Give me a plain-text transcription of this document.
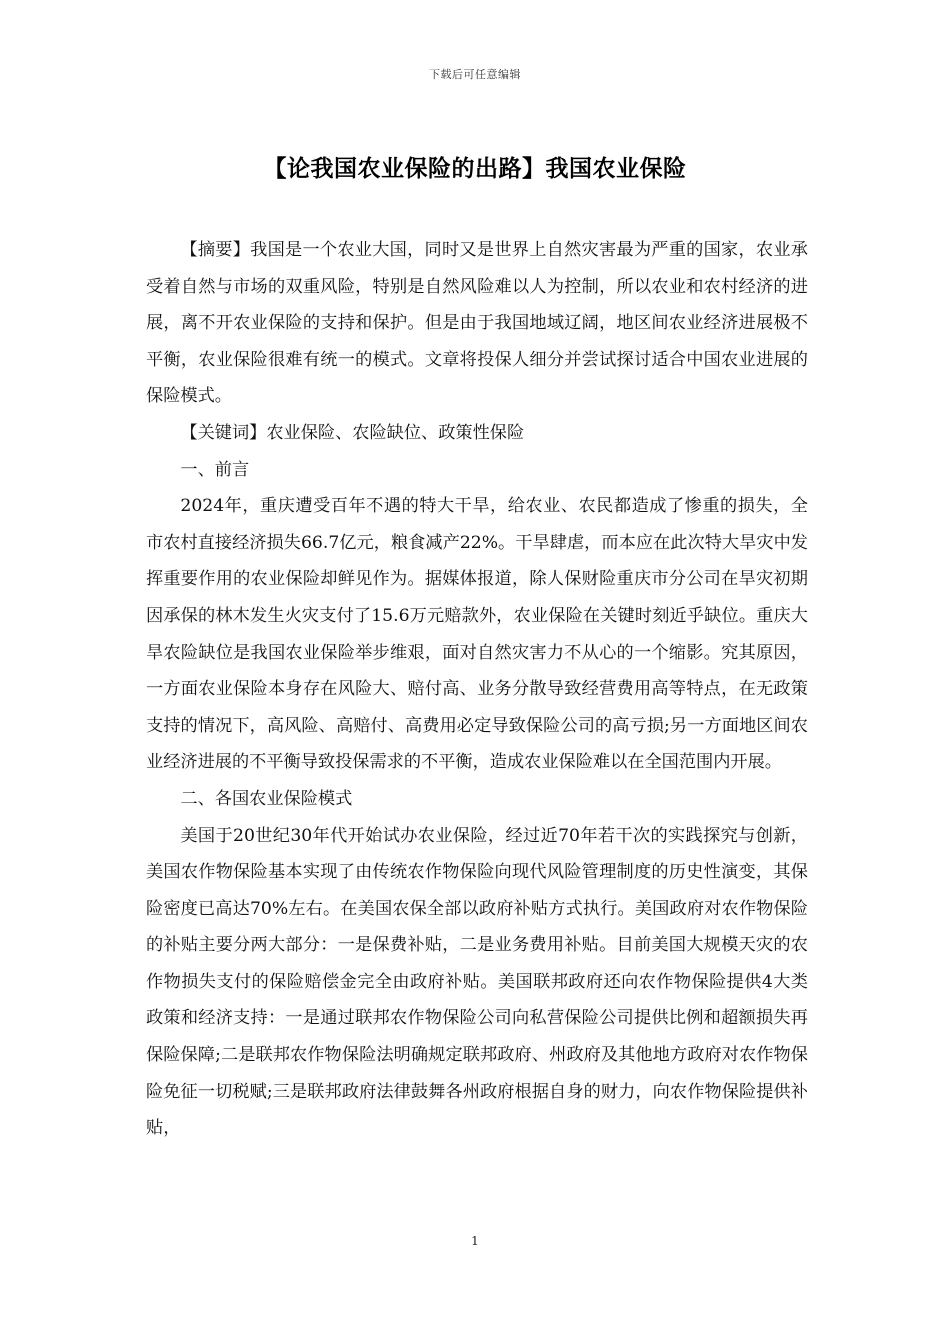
下载后可任意编辑
【论我国农业保险的出路】我国农业保险

【摘要】我国是一个农业大国，同时又是世界上自然灾害最为严重的国家，农业承受着自然与市场的双重风险，特别是自然风险难以人为控制，所以农业和农村经济的进展，离不开农业保险的支持和保护。但是由于我国地域辽阔，地区间农业经济进展极不平衡，农业保险很难有统一的模式。文章将投保人细分并尝试探讨适合中国农业进展的保险模式。

【关键词】农业保险、农险缺位、政策性保险

一、前言

2024年，重庆遭受百年不遇的特大干旱，给农业、农民都造成了惨重的损失，全市农村直接经济损失66.7亿元，粮食减产22%。干旱肆虐，而本应在此次特大旱灾中发挥重要作用的农业保险却鲜见作为。据媒体报道，除人保财险重庆市分公司在旱灾初期因承保的林木发生火灾支付了15.6万元赔款外，农业保险在关键时刻近乎缺位。重庆大旱农险缺位是我国农业保险举步维艰，面对自然灾害力不从心的一个缩影。究其原因，一方面农业保险本身存在风险大、赔付高、业务分散导致经营费用高等特点，在无政策支持的情况下，高风险、高赔付、高费用必定导致保险公司的高亏损;另一方面地区间农业经济进展的不平衡导致投保需求的不平衡，造成农业保险难以在全国范围内开展。

二、各国农业保险模式

美国于20世纪30年代开始试办农业保险，经过近70年若干次的实践探究与创新，美国农作物保险基本实现了由传统农作物保险向现代风险管理制度的历史性演变，其保险密度已高达70%左右。在美国农保全部以政府补贴方式执行。美国政府对农作物保险的补贴主要分两大部分：一是保费补贴，二是业务费用补贴。目前美国大规模天灾的农作物损失支付的保险赔偿金完全由政府补贴。美国联邦政府还向农作物保险提供4大类政策和经济支持：一是通过联邦农作物保险公司向私营保险公司提供比例和超额损失再保险保障;二是联邦农作物保险法明确规定联邦政府、州政府及其他地方政府对农作物保险免征一切税赋;三是联邦政府法律鼓舞各州政府根据自身的财力，向农作物保险提供补贴，

1
